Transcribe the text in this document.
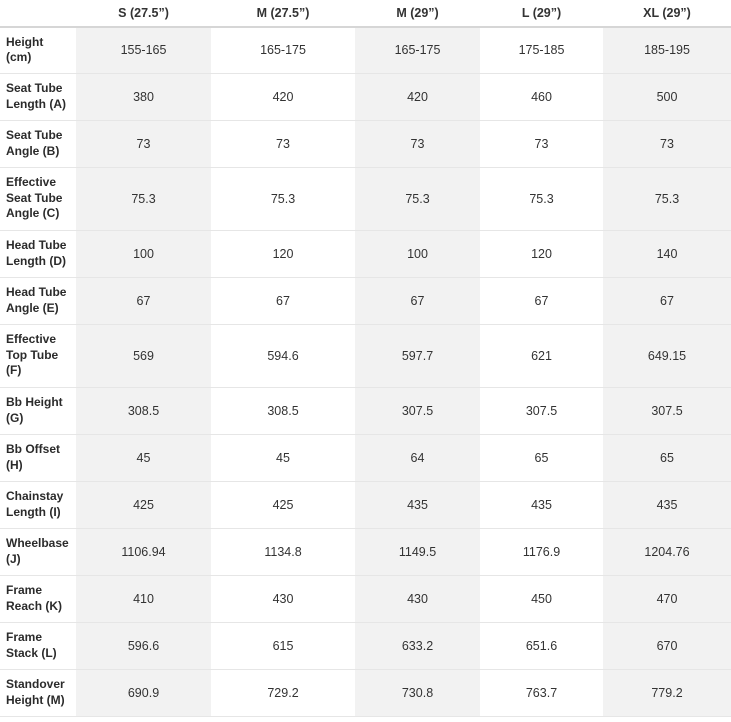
	S (27.5”)	M (27.5”)	M (29”)	L (29”)	XL (29”)
Height
(cm)	155-165	165-175	165-175	175-185	185-195
Seat Tube
Length (A)	380	420	420	460	500
Seat Tube
Angle (B)	73	73	73	73	73
Effective
Seat Tube
Angle (C)	75.3	75.3	75.3	75.3	75.3
Head Tube
Length (D)	100	120	100	120	140
Head Tube
Angle (E)	67	67	67	67	67
Effective
Top Tube
(F)	569	594.6	597.7	621	649.15
Bb Height
(G)	308.5	308.5	307.5	307.5	307.5
Bb Offset
(H)	45	45	64	65	65
Chainstay
Length (I)	425	425	435	435	435
Wheelbase
(J)	1106.94	1134.8	1149.5	1176.9	1204.76
Frame
Reach (K)	410	430	430	450	470
Frame
Stack (L)	596.6	615	633.2	651.6	670
Standover
Height (M)	690.9	729.2	730.8	763.7	779.2
